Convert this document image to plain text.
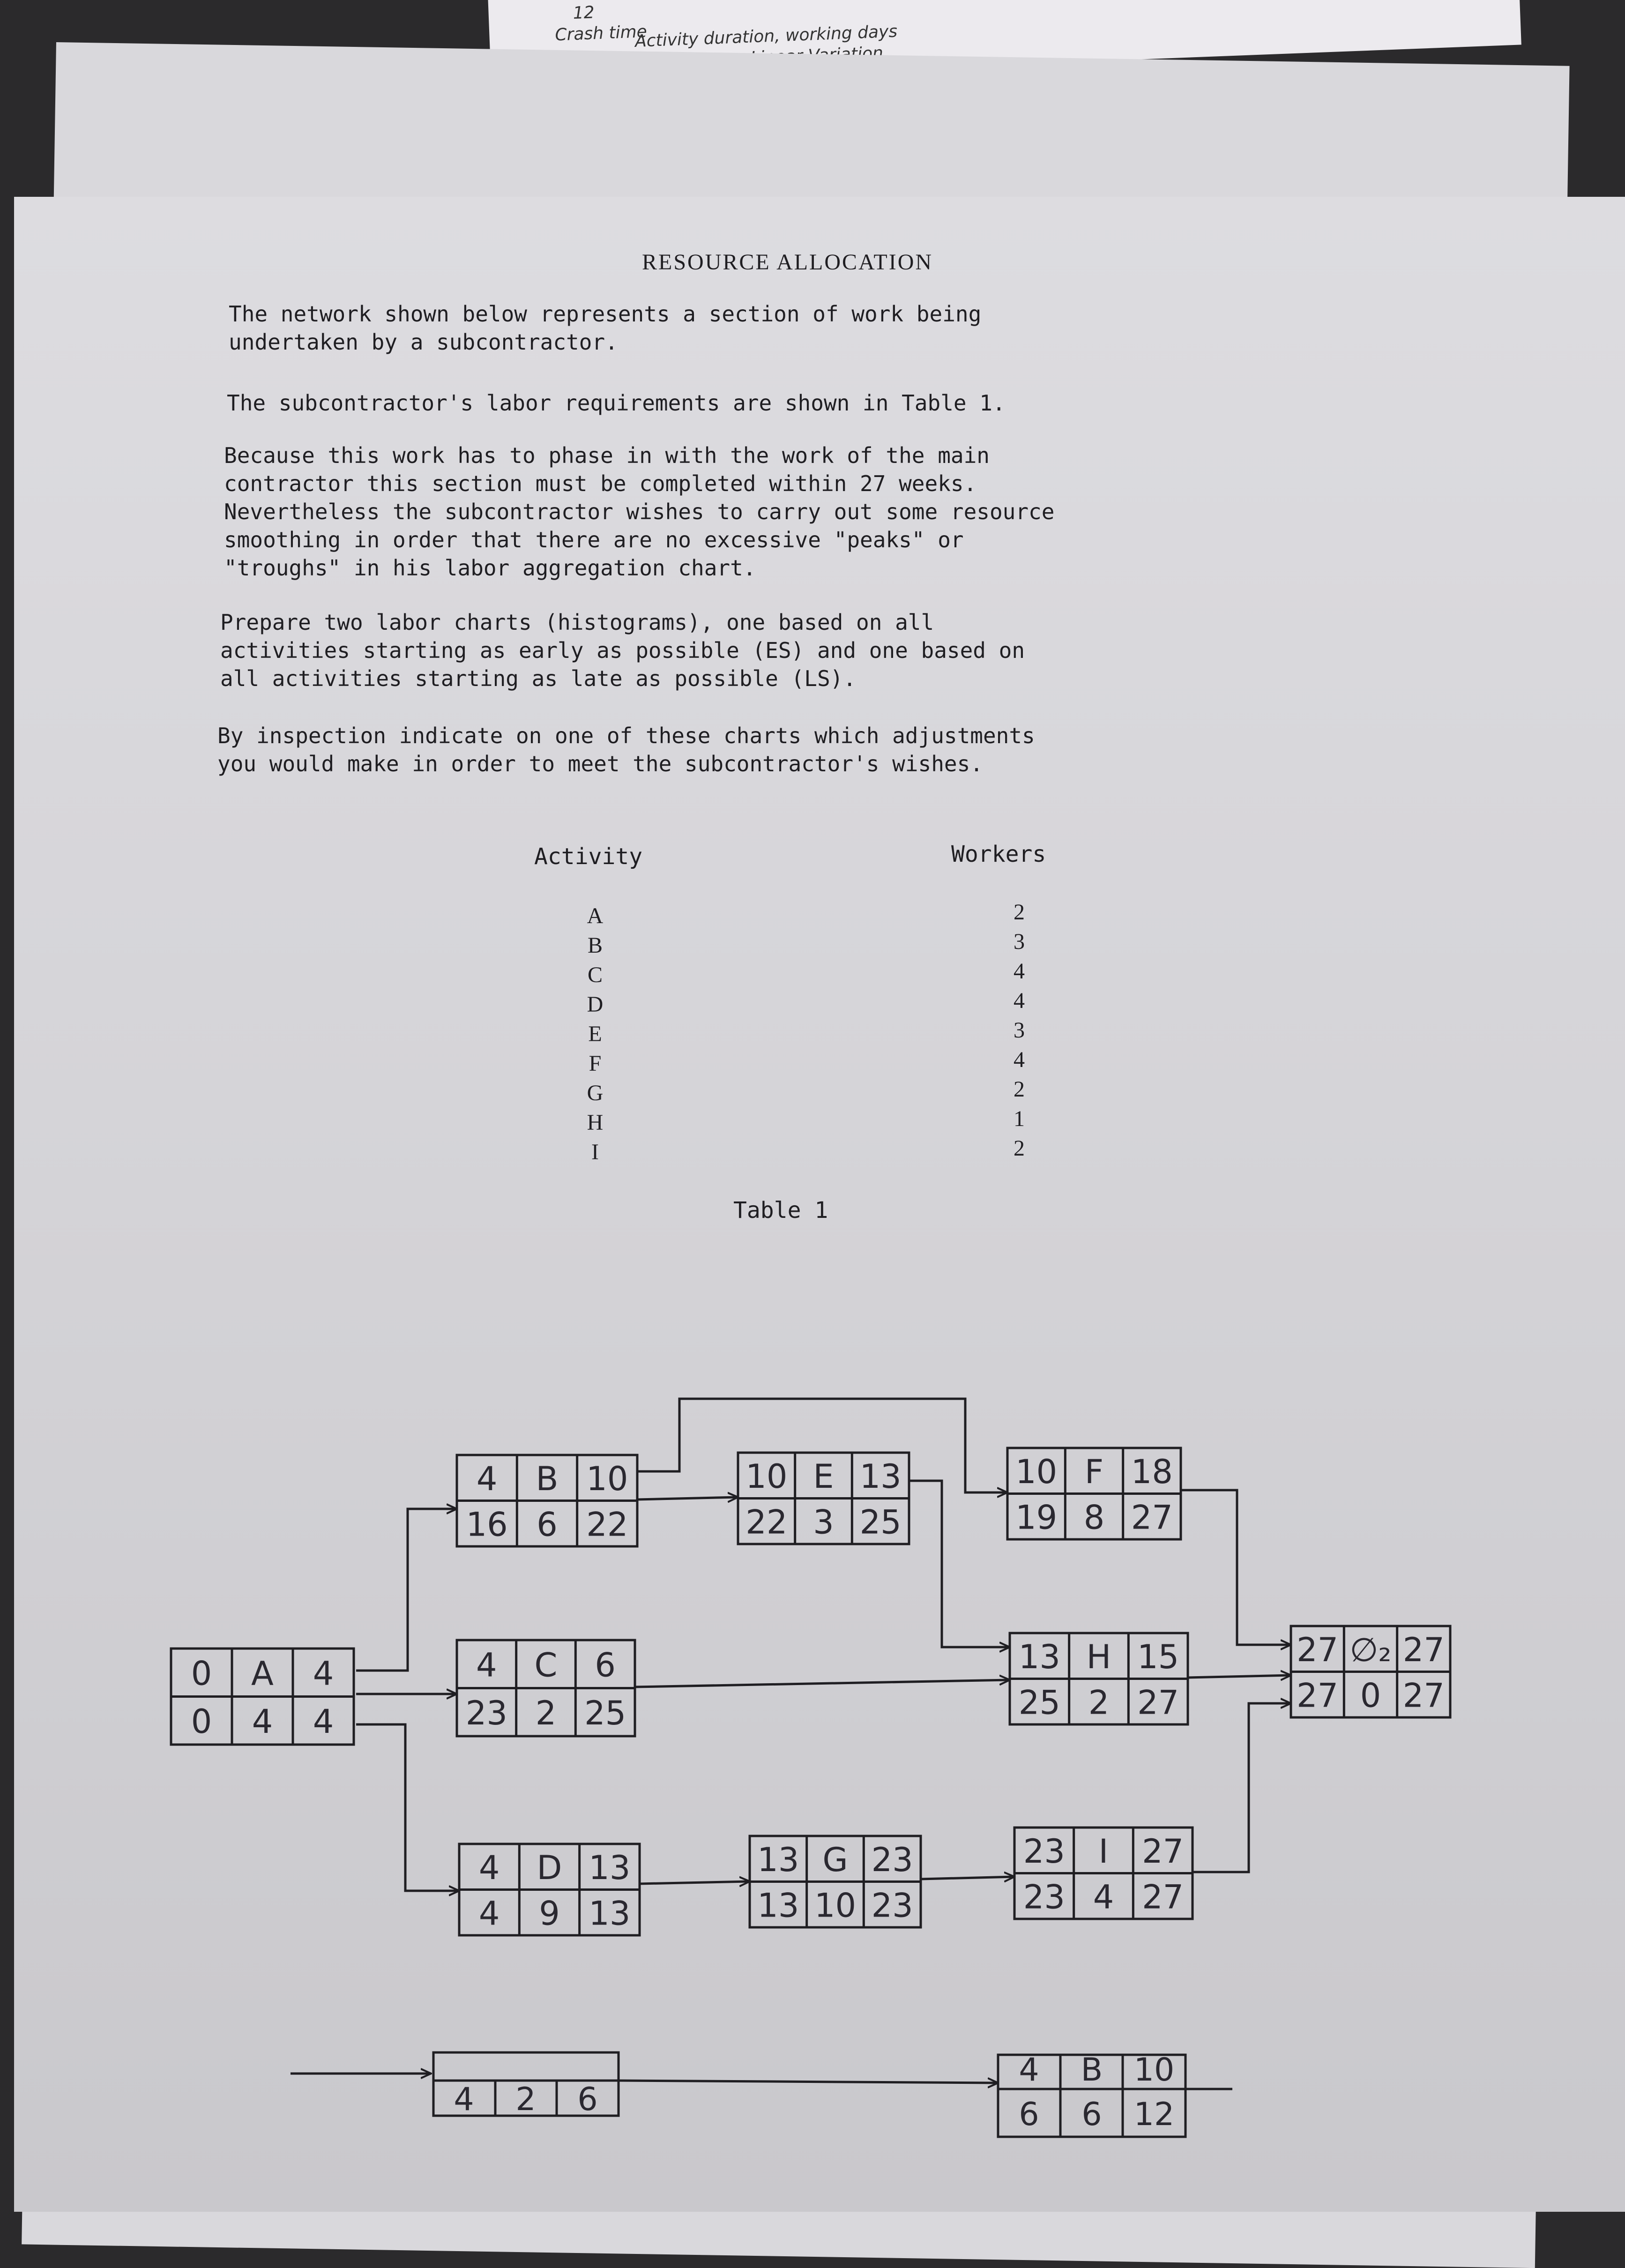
12
Crash time
Activity duration, working days
RESOURCE ALLOCATION
The network shown below represents a section of work being
undertaken by a subcontractor.
The subcontractor's labor requirements are shown in Table 1.
Because this work has to phase in with the work of the main
contractor this section must be completed within 27 weeks.
Nevertheless the subcontractor wishes to carry out some resource
smoothing in order that there are no excessive "peaks" or
"troughs" in his labor aggregation chart.
Prepare two labor charts (histograms), one based on all
activities starting as early as possible (ES) and one based on
all activities starting as late as possible (LS).
By inspection indicate on one of these charts which adjustments
you would make in order to meet the subcontractor's wishes.
Activity	Workers
A
B
C
D
E
F
G
H
I
2
3
4
4
3
4
2
1
2
Table 1
0 A 4
0 4 4
4 B 10
16 6 22
4 C 6
23 2 25
4 D 13
4 9 13
10 E 13
22 3 25
13 G 23
13 10 23
10 F 18
19 8 27
13 H 15
25 2 27
23 I 27
23 4 27
27 ∅₂ 27
27 0 27
4 2 6
4 B 10
6 6 12
